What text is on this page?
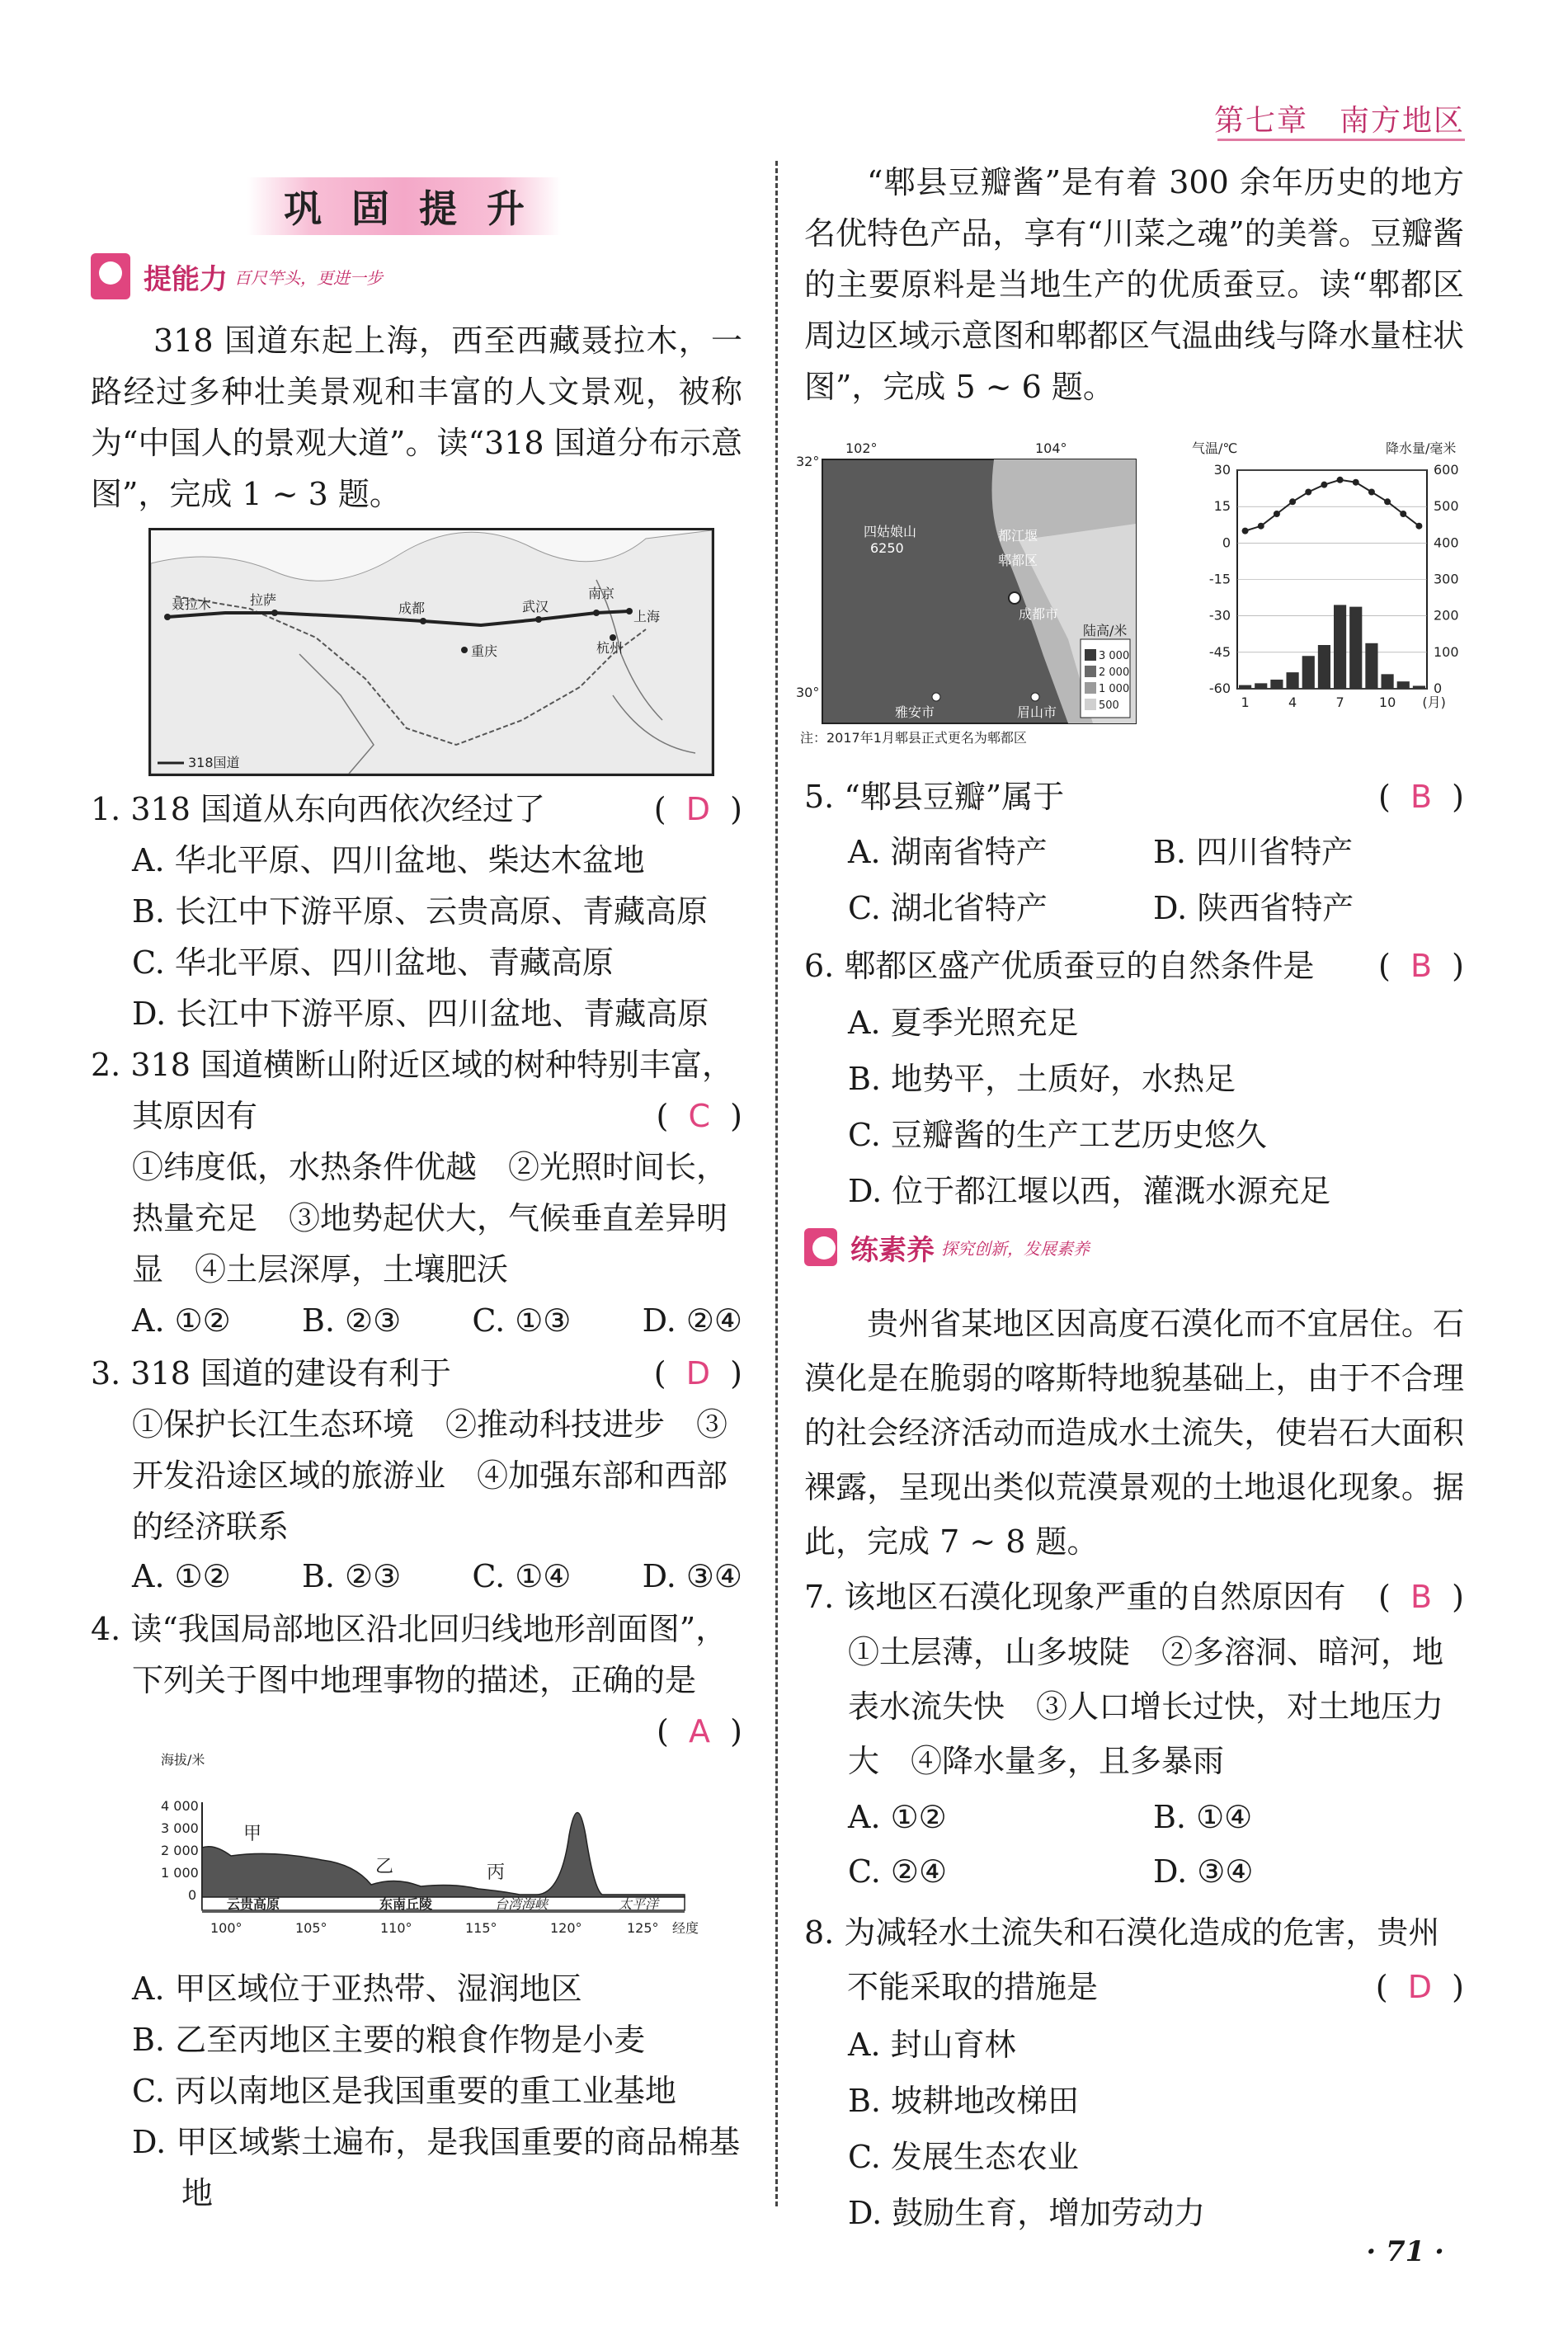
第七章　南方地区
巩固提升
提能力 百尺竿头，更进一步
318 国道东起上海，西至西藏聂拉木，一路经过多种壮美景观和丰富的人文景观，被称为“中国人的景观大道”。读“318 国道分布示意图”，完成 1 ~ 3 题。
聂拉木	拉萨
成都	武汉
南京
上海
重庆	杭州
318国道
1. 318 国道从东向西依次经过了	(  D  )
A. 华北平原、四川盆地、柴达木盆地
B. 长江中下游平原、云贵高原、青藏高原
C. 华北平原、四川盆地、青藏高原
D. 长江中下游平原、四川盆地、青藏高原
2. 318 国道横断山附近区域的树种特别丰富，其原因有	(  C  )
①纬度低，水热条件优越　②光照时间长，热量充足　③地势起伏大，气候垂直差异明显　④土层深厚，土壤肥沃
A. ①② B. ②③ C. ①③ D. ②④
3. 318 国道的建设有利于	(  D  )
①保护长江生态环境　②推动科技进步　③开发沿途区域的旅游业　④加强东部和西部的经济联系
A. ①② B. ②③ C. ①④ D. ③④
4. 读“我国局部地区沿北回归线地形剖面图”，下列关于图中地理事物的描述，正确的是
(  A  )
海拔/米
4 000
3 000
2 000
1 000
0
云贵高原	东南丘陵	台湾海峡	太平洋
甲
乙	丙
100°	105°	110°	115°	120°	125° 经度
A. 甲区域位于亚热带、湿润地区
B. 乙至丙地区主要的粮食作物是小麦
C. 丙以南地区是我国重要的重工业基地
D. 甲区域紫土遍布，是我国重要的商品棉基地
“郫县豆瓣酱”是有着 300 余年历史的地方名优特色产品，享有“川菜之魂”的美誉。豆瓣酱的主要原料是当地生产的优质蚕豆。读“郫都区周边区域示意图和郫都区气温曲线与降水量柱状图”，完成 5 ~ 6 题。
102°	104°
32°
30°
陆高/米
3 000
2 000
1 000
500
四姑娘山
6250
都江堰
郫都区
成都市
雅安市	眉山市
注：2017年1月郫县正式更名为郫都区
气温/℃	降水量/毫米
30
15
0
-15
-30
-45
-60
600
500
400
300
200
100
0
1	4	7	10 (月)
5. “郫县豆瓣”属于	(  B  )
A. 湖南省特产	B. 四川省特产
C. 湖北省特产	D. 陕西省特产
6. 郫都区盛产优质蚕豆的自然条件是 (  B  )
A. 夏季光照充足
B. 地势平，土质好，水热足
C. 豆瓣酱的生产工艺历史悠久
D. 位于都江堰以西，灌溉水源充足
练素养 探究创新，发展素养
贵州省某地区因高度石漠化而不宜居住。石漠化是在脆弱的喀斯特地貌基础上，由于不合理的社会经济活动而造成水土流失，使岩石大面积裸露，呈现出类似荒漠景观的土地退化现象。据此，完成 7 ~ 8 题。
7. 该地区石漠化现象严重的自然原因有 (  B  )
①土层薄，山多坡陡　②多溶洞、暗河，地表水流失快　③人口增长过快，对土地压力大　④降水量多，且多暴雨
A. ①②	B. ①④
C. ②④	D. ③④
8. 为减轻水土流失和石漠化造成的危害，贵州不能采取的措施是	(  D  )
A. 封山育林
B. 坡耕地改梯田
C. 发展生态农业
D. 鼓励生育，增加劳动力
· 71 ·
